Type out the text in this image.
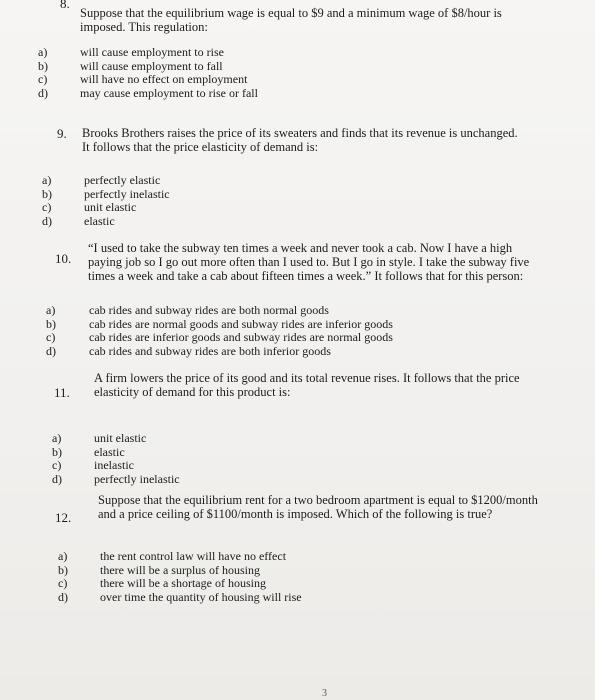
8.
Suppose that the equilibrium wage is equal to $9 and a minimum wage of $8/hour is
imposed. This regulation:
a)	will cause employment to rise
b)	will cause employment to fall
c)	will have no effect on employment
d)	may cause employment to rise or fall
9. Brooks Brothers raises the price of its sweaters and finds that its revenue is unchanged.
It follows that the price elasticity of demand is:
a)	perfectly elastic
b)	perfectly inelastic
c)	unit elastic
d)	elastic
10.
“I used to take the subway ten times a week and never took a cab. Now I have a high
paying job so I go out more often than I used to. But I go in style. I take the subway five
times a week and take a cab about fifteen times a week.” It follows that for this person:
a)	cab rides and subway rides are both normal goods
b)	cab rides are normal goods and subway rides are inferior goods
c)	cab rides are inferior goods and subway rides are normal goods
d)	cab rides and subway rides are both inferior goods
11.
A firm lowers the price of its good and its total revenue rises. It follows that the price
elasticity of demand for this product is:
a)	unit elastic
b)	elastic
c)	inelastic
d)	perfectly inelastic
12.
Suppose that the equilibrium rent for a two bedroom apartment is equal to $1200/month
and a price ceiling of $1100/month is imposed. Which of the following is true?
a)	the rent control law will have no effect
b)	there will be a surplus of housing
c)	there will be a shortage of housing
d)	over time the quantity of housing will rise
3
